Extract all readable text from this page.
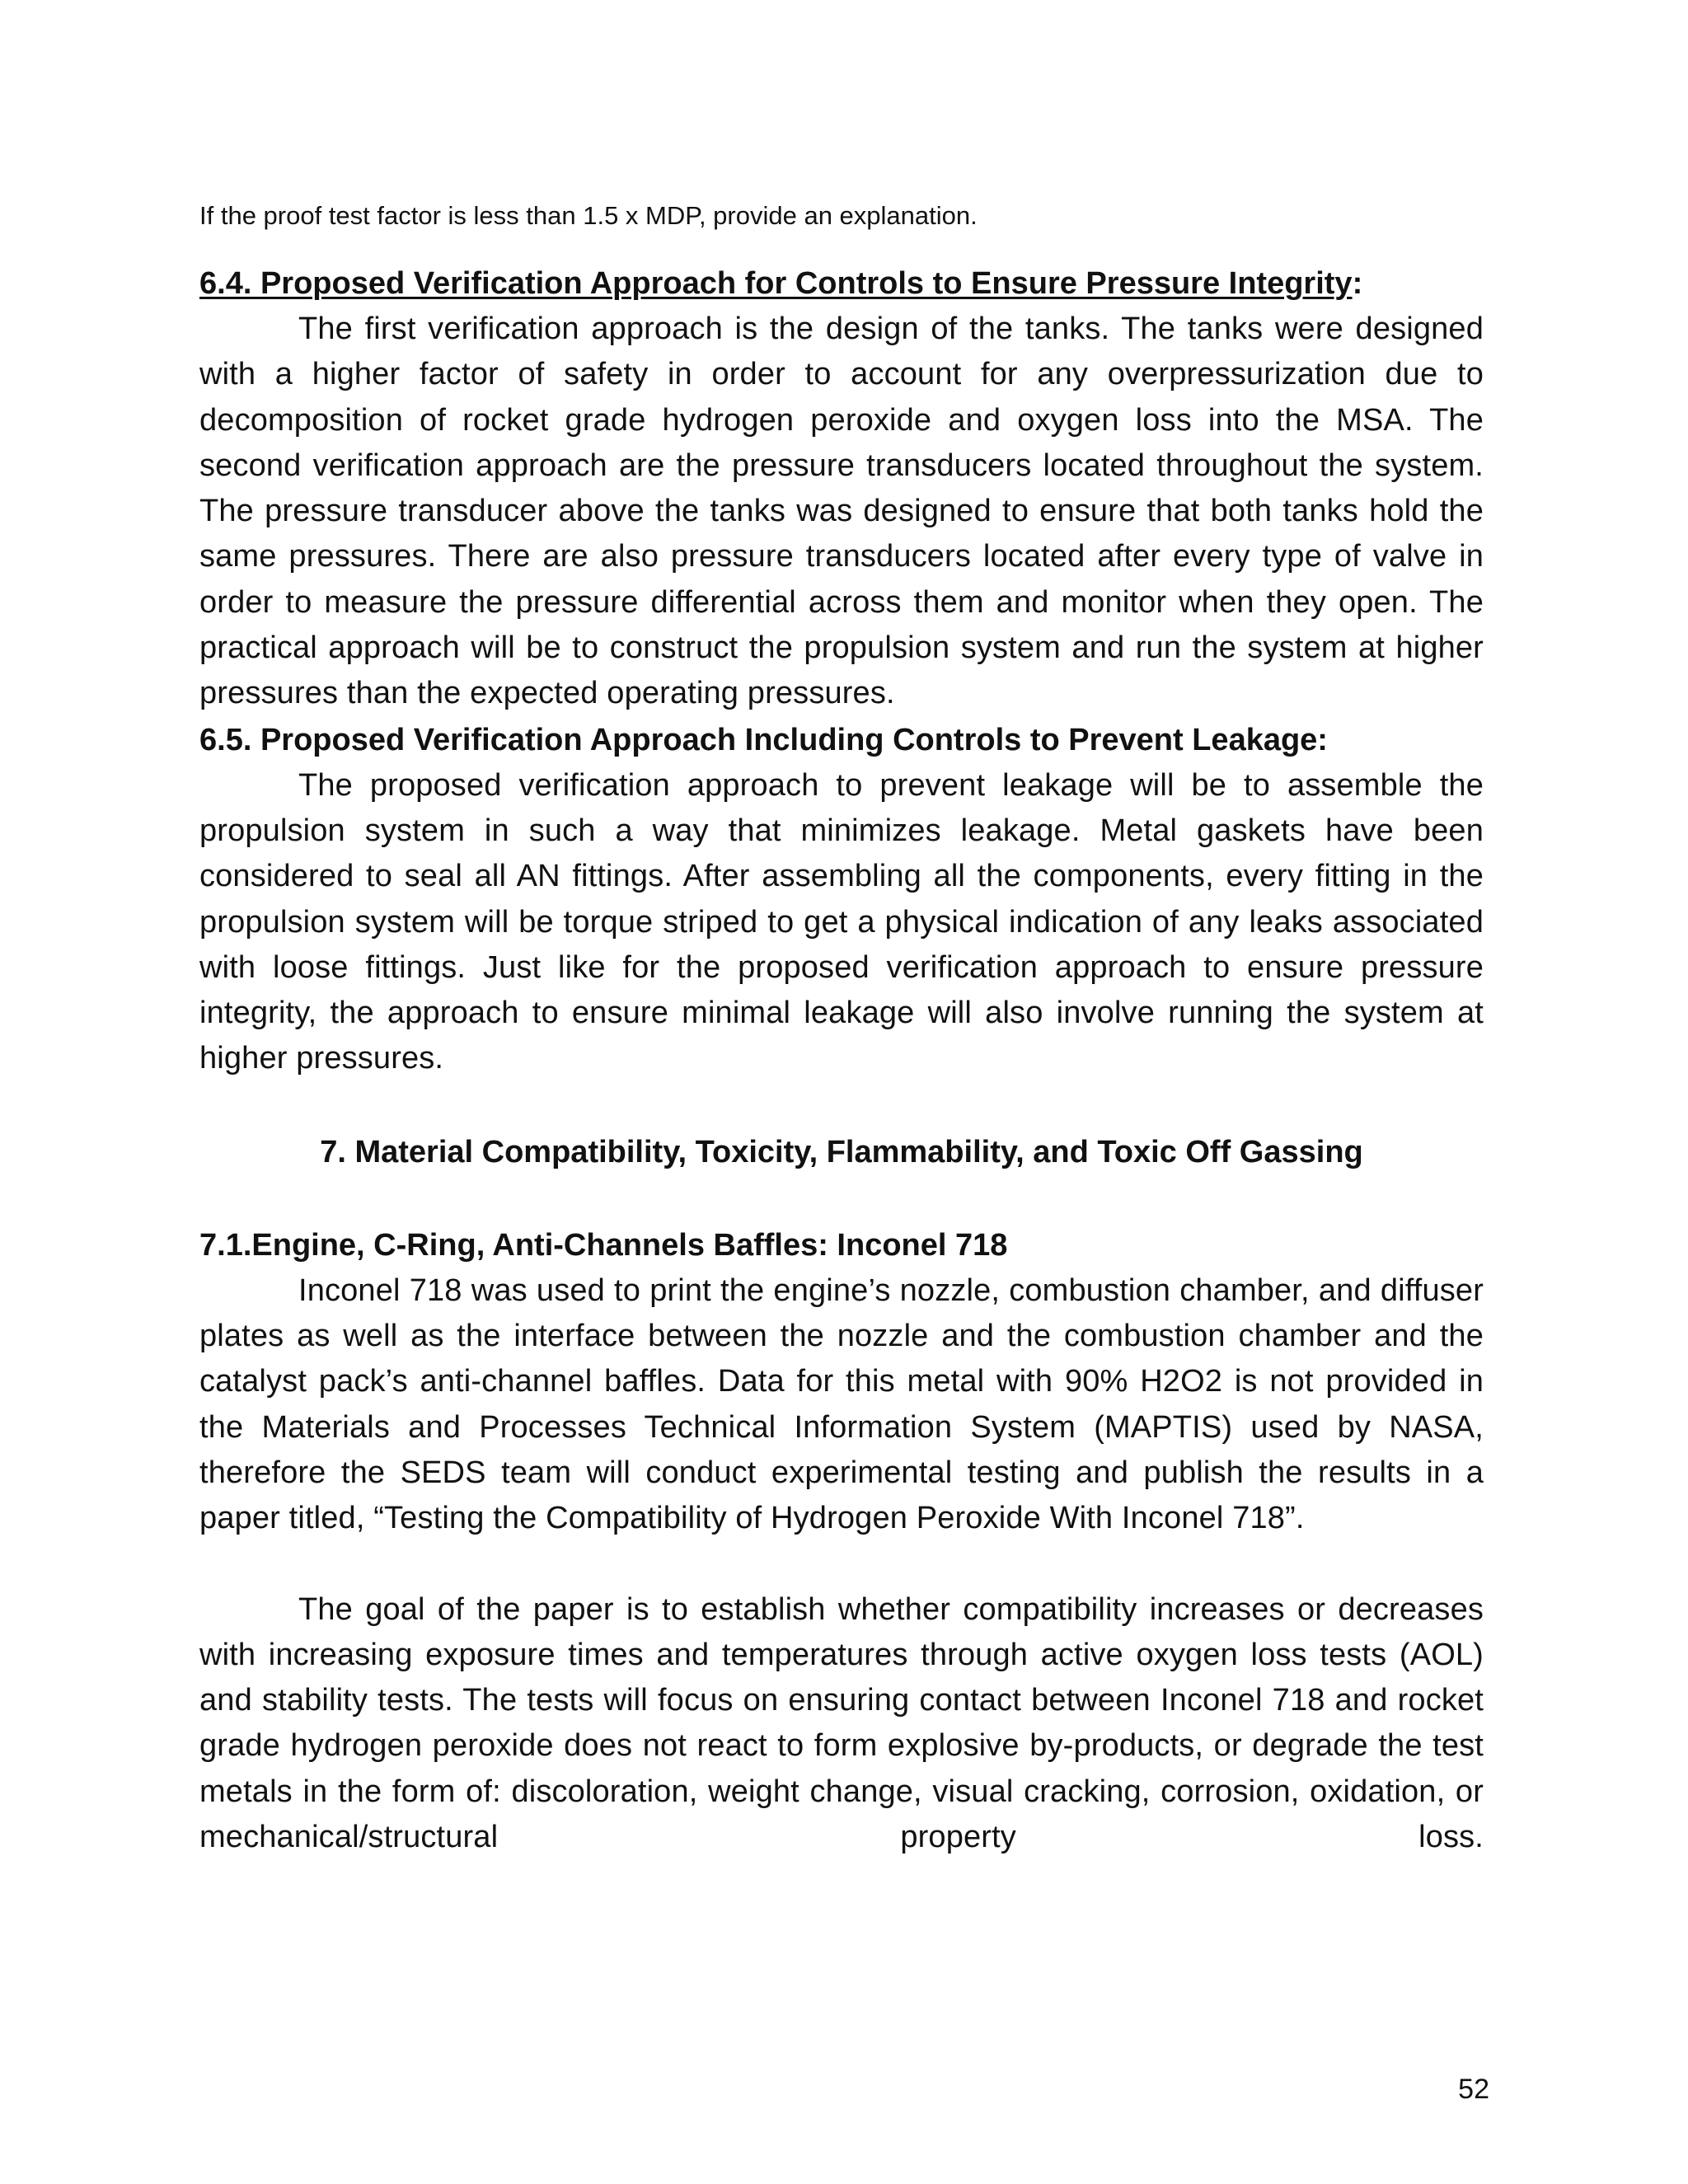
If the proof test factor is less than 1.5 x MDP, provide an explanation.
6.4. Proposed Verification Approach for Controls to Ensure Pressure Integrity:

The first verification approach is the design of the tanks. The tanks were designed with a higher factor of safety in order to account for any overpressurization due to decomposition of rocket grade hydrogen peroxide and oxygen loss into the MSA. The second verification approach are the pressure transducers located throughout the system. The pressure transducer above the tanks was designed to ensure that both tanks hold the same pressures. There are also pressure transducers located after every type of valve in order to measure the pressure differential across them and monitor when they open. The practical approach will be to construct the propulsion system and run the system at higher pressures than the expected operating pressures.

6.5. Proposed Verification Approach Including Controls to Prevent Leakage:

The proposed verification approach to prevent leakage will be to assemble the propulsion system in such a way that minimizes leakage. Metal gaskets have been considered to seal all AN fittings. After assembling all the components, every fitting in the propulsion system will be torque striped to get a physical indication of any leaks associated with loose fittings. Just like for the proposed verification approach to ensure pressure integrity, the approach to ensure minimal leakage will also involve running the system at higher pressures.

7. Material Compatibility, Toxicity, Flammability, and Toxic Off Gassing
7.1.Engine, C-Ring, Anti-Channels Baffles: Inconel 718

Inconel 718 was used to print the engine’s nozzle, combustion chamber, and diffuser plates as well as the interface between the nozzle and the combustion chamber and the catalyst pack’s anti-channel baffles. Data for this metal with 90% H2O2 is not provided in the Materials and Processes Technical Information System (MAPTIS) used by NASA, therefore the SEDS team will conduct experimental testing and publish the results in a paper titled, “Testing the Compatibility of Hydrogen Peroxide With Inconel 718”.

The goal of the paper is to establish whether compatibility increases or decreases with increasing exposure times and temperatures through active oxygen loss tests (AOL) and stability tests. The tests will focus on ensuring contact between Inconel 718 and rocket grade hydrogen peroxide does not react to form explosive by-products, or degrade the test metals in the form of: discoloration, weight change, visual cracking, corrosion, oxidation, or mechanical/structural property loss.

52
